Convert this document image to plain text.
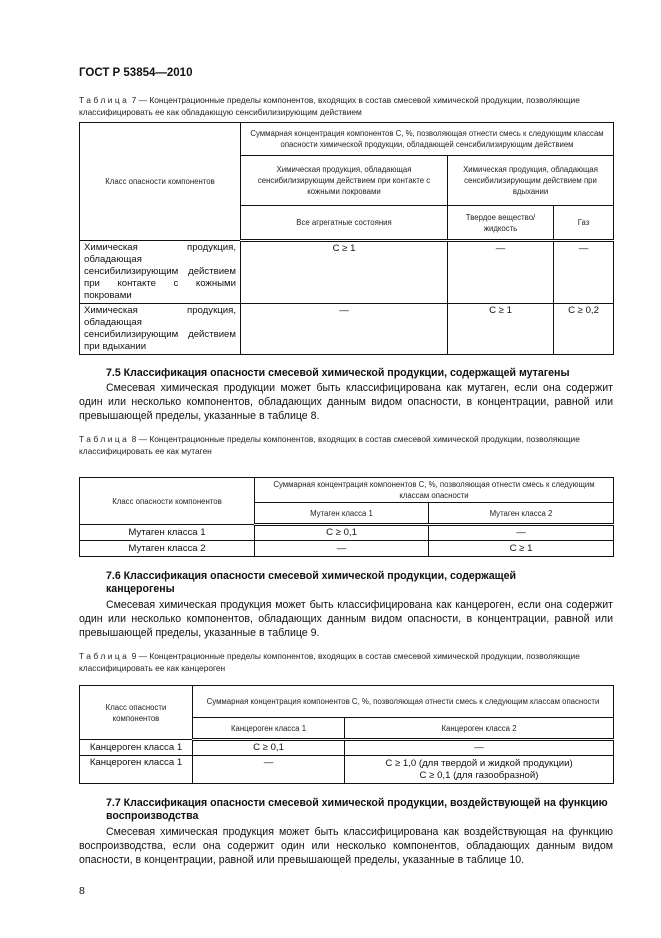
ГОСТ Р 53854—2010
Таблица 7 — Концентрационные пределы компонентов, входящих в состав смесевой химической продукции, позволяющие классифицировать ее как обладающую сенсибилизирующим действием
Класс опасности компонентов	Суммарная концентрация компонентов С, %, позволяющая отнести смесь к следующим классам опасности химической продукции, обладающей сенсибилизирующим действием		
	Химическая продукция, обладающая сенсибилизирующим действием при контакте с кожными покровами	Химическая продукция, обладающая сенсибилизирующим действием при вдыхании	
	Все агрегатные состояния	Твердое вещество/жидкость	Газ
Химическая продукция, обладающая сенсибилизирующим действием при контакте с кожными покровами	С ≥ 1	—	—
Химическая продукция, обладающая сенсибилизирующим действием при вдыхании	—	С ≥ 1	С ≥ 0,2
7.5 Классификация опасности смесевой химической продукции, содержащей мутагены
Смесевая химическая продукции может быть классифицирована как мутаген, если она содержит один или несколько компонентов, обладающих данным видом опасности, в концентрации, равной или превышающей пределы, указанные в таблице 8.
Таблица 8 — Концентрационные пределы компонентов, входящих в состав смесевой химической продукции, позволяющие классифицировать ее как мутаген
Класс опасности компонентов	Суммарная концентрация компонентов С, %, позволяющая отнести смесь к следующим классам опасности	
	Мутаген класса 1	Мутаген класса 2
Мутаген класса 1	С ≥ 0,1	—
Мутаген класса 2	—	С ≥ 1
7.6 Классификация опасности смесевой химической продукции, содержащей канцерогены
Смесевая химическая продукция может быть классифицирована как канцероген, если она содержит один или несколько компонентов, обладающих данным видом опасности, в концентрации, равной или превышающей пределы, указанные в таблице 9.
Таблица 9 — Концентрационные пределы компонентов, входящих в состав смесевой химической продукции, позволяющие классифицировать ее как канцероген
Класс опасности компонентов	Суммарная концентрация компонентов С, %, позволяющая отнести смесь к следующим классам опасности	
	Канцероген класса 1	Канцероген класса 2
Канцероген класса 1	С ≥ 0,1	—
Канцероген класса 1	—	С ≥ 1,0 (для твердой и жидкой продукции)
С ≥ 0,1 (для газообразной)
7.7 Классификация опасности смесевой химической продукции, воздействующей на функцию воспроизводства
Смесевая химическая продукция может быть классифицирована как воздействующая на функцию воспроизводства, если она содержит один или несколько компонентов, обладающих данным видом опасности, в концентрации, равной или превышающей пределы, указанные в таблице 10.
8
